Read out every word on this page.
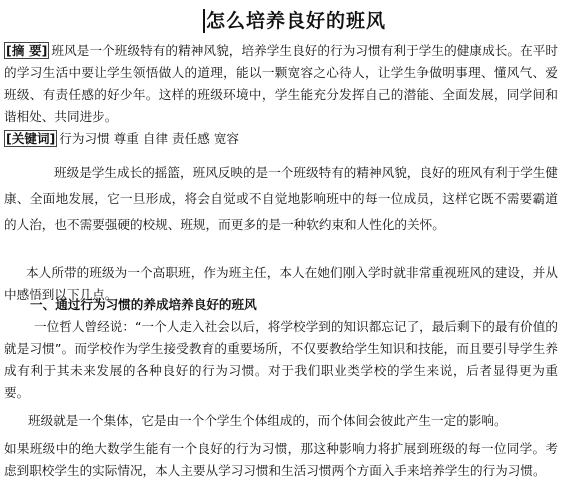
怎么培养良好的班风

[摘 要] 班风是一个班级特有的精神风貌，培养学生良好的行为习惯有利于学生的健康成长。在平时的学习生活中要让学生领悟做人的道理，能以一颗宽容之心待人，让学生争做明事理、懂风气、爱班级、有责任感的好少年。这样的班级环境中，学生能充分发挥自己的潜能、全面发展，同学间和谐相处、共同进步。

[关键词] 行为习惯 尊重 自律 责任感 宽容

班级是学生成长的摇篮，班风反映的是一个班级特有的精神风貌，良好的班风有利于学生健康、全面地发展，它一旦形成，将会自觉或不自觉地影响班中的每一位成员，这样它既不需要霸道的人治，也不需要强硬的校规、班规，而更多的是一种软约束和人性化的关怀。

本人所带的班级为一个高职班，作为班主任，本人在她们刚入学时就非常重视班风的建设，并从中感悟到以下几点。

一、通过行为习惯的养成培养良好的班风

一位哲人曾经说：“一个人走入社会以后，将学校学到的知识都忘记了，最后剩下的最有价值的就是习惯”。而学校作为学生接受教育的重要场所，不仅要教给学生知识和技能，而且要引导学生养成有利于其未来发展的各种良好的行为习惯。对于我们职业类学校的学生来说，后者显得更为重要。

班级就是一个集体，它是由一个个学生个体组成的，而个体间会彼此产生一定的影响。

如果班级中的绝大数学生能有一个良好的行为习惯，那这种影响力将扩展到班级的每一位同学。考虑到职校学生的实际情况，本人主要从学习习惯和生活习惯两个方面入手来培养学生的行为习惯。
